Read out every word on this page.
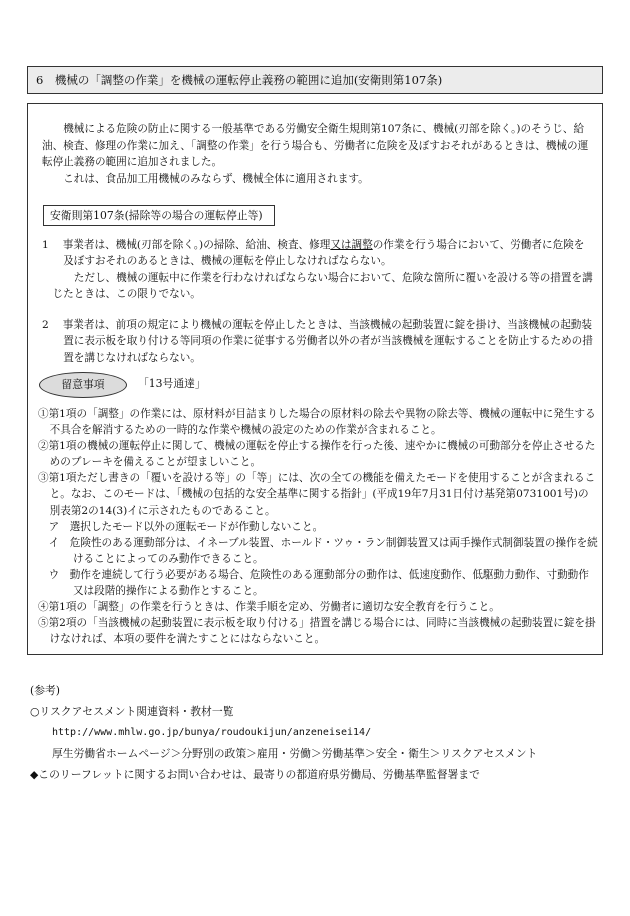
6　機械の「調整の作業」を機械の運転停止義務の範囲に追加(安衛則第107条)

機械による危険の防止に関する一般基準である労働安全衛生規則第107条に、機械(刃部を除く。)のそうじ、給油、検査、修理の作業に加え、「調整の作業」を行う場合も、労働者に危険を及ぼすおそれがあるときは、機械の運転停止義務の範囲に追加されました。

これは、食品加工用機械のみならず、機械全体に適用されます。

安衛則第107条(掃除等の場合の運転停止等)

1　 事業者は、機械(刃部を除く。)の掃除、給油、検査、修理又は調整の作業を行う場合において、労働者に危険を及ぼすおそれのあるときは、機械の運転を停止しなければならない。

ただし、機械の運転中に作業を行わなければならない場合において、危険な箇所に覆いを設ける等の措置を講じたときは、この限りでない。

2　 事業者は、前項の規定により機械の運転を停止したときは、当該機械の起動装置に錠を掛け、当該機械の起動装置に表示板を取り付ける等同項の作業に従事する労働者以外の者が当該機械を運転することを防止するための措置を講じなければならない。

留意事項	「13号通達」

①第1項の「調整」の作業には、原材料が目詰まりした場合の原材料の除去や異物の除去等、機械の運転中に発生する不具合を解消するための一時的な作業や機械の設定のための作業が含まれること。

②第1項の機械の運転停止に関して、機械の運転を停止する操作を行った後、速やかに機械の可動部分を停止させるためのブレーキを備えることが望ましいこと。

③第1項ただし書きの「覆いを設ける等」の「等」には、次の全ての機能を備えたモードを使用することが含まれること。なお、このモードは、「機械の包括的な安全基準に関する指針」(平成19年7月31日付け基発第0731001号)の別表第2の14(3)イに示されたものであること。

ア　選択したモード以外の運転モードが作動しないこと。

イ　危険性のある運動部分は、イネーブル装置、ホールド・ツゥ・ラン制御装置又は両手操作式制御装置の操作を続けることによってのみ動作できること。

ウ　動作を連続して行う必要がある場合、危険性のある運動部分の動作は、低速度動作、低駆動力動作、寸動動作又は段階的操作による動作とすること。

④第1項の「調整」の作業を行うときは、作業手順を定め、労働者に適切な安全教育を行うこと。

⑤第2項の「当該機械の起動装置に表示板を取り付ける」措置を講じる場合には、同時に当該機械の起動装置に錠を掛けなければ、本項の要件を満たすことにはならないこと。

(参考)

○リスクアセスメント関連資料・教材一覧

http://www.mhlw.go.jp/bunya/roudoukijun/anzeneisei14/

厚生労働省ホームページ＞分野別の政策＞雇用・労働＞労働基準＞安全・衛生＞リスクアセスメント

◆このリーフレットに関するお問い合わせは、最寄りの都道府県労働局、労働基準監督署まで
